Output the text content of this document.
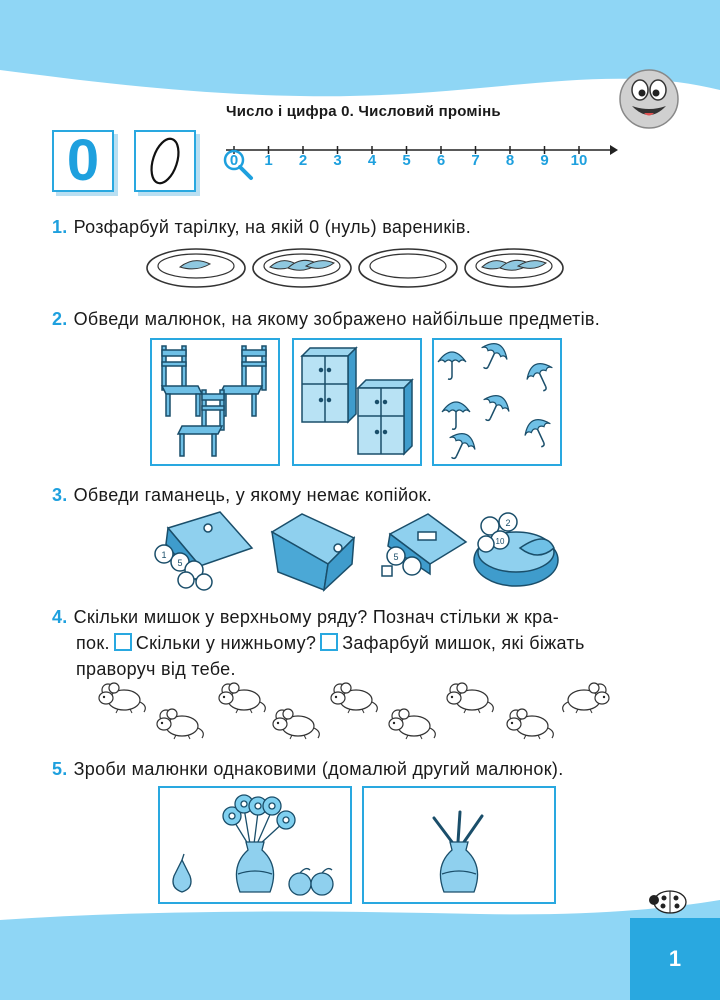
Число і цифра 0. Числовий промінь
0	0 1 2 3 4 5 6 7 8 9 10
1. Розфарбуй тарілку, на якій 0 (нуль) вареників.
2. Обведи малюнок, на якому зображено найбільше предметів.
3. Обведи гаманець, у якому немає копійок.
1
5
5
2
10
4. Скільки мишок у верхньому ряду? Познач стільки ж кра-
пок. Скільки у нижньому? Зафарбуй мишок, які біжать
праворуч від тебе.
5. Зроби малюнки однаковими (домалюй другий малюнок).
1
